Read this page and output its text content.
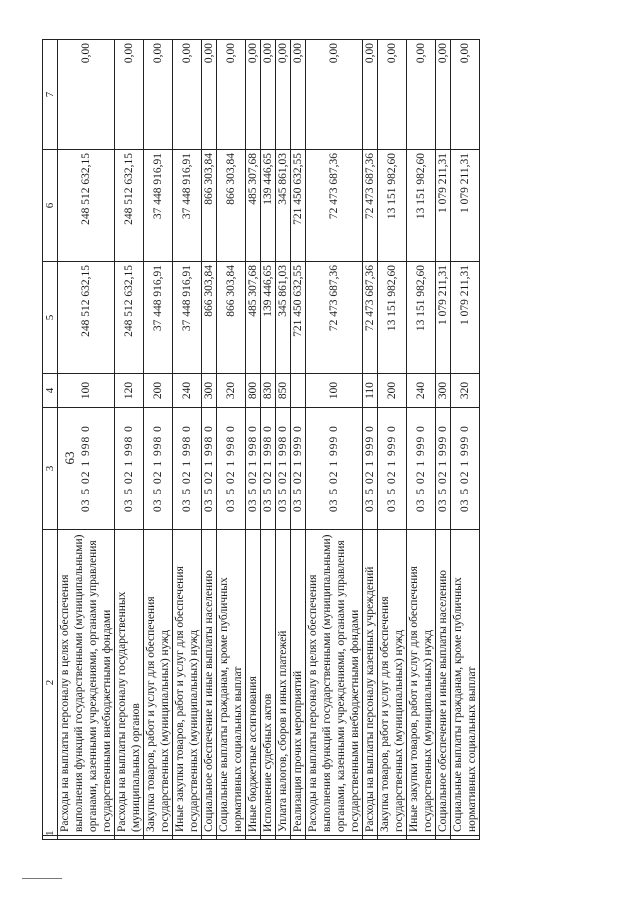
63
1	2	3	4	5	6	7
	Расходы на выплаты персоналу в целях обеспечения выполнения функций государственными (муниципальными) органами, казенными учреждениями, органами управления государственными внебюджетными фондами	03 5 02 1 998 0	100	248 512 632,15	248 512 632,15	0,00
	Расходы на выплаты персоналу государственных (муниципальных) органов	03 5 02 1 998 0	120	248 512 632,15	248 512 632,15	0,00
	Закупка товаров, работ и услуг для обеспечения государственных (муниципальных) нужд	03 5 02 1 998 0	200	37 448 916,91	37 448 916,91	0,00
	Иные закупки товаров, работ и услуг для обеспечения государственных (муниципальных) нужд	03 5 02 1 998 0	240	37 448 916,91	37 448 916,91	0,00
	Социальное обеспечение и иные выплаты населению	03 5 02 1 998 0	300	866 303,84	866 303,84	0,00
	Социальные выплаты гражданам, кроме публичных нормативных социальных выплат	03 5 02 1 998 0	320	866 303,84	866 303,84	0,00
	Иные бюджетные ассигнования	03 5 02 1 998 0	800	485 307,68	485 307,68	0,00
	Исполнение судебных актов	03 5 02 1 998 0	830	139 446,65	139 446,65	0,00
	Уплата налогов, сборов и иных платежей	03 5 02 1 998 0	850	345 861,03	345 861,03	0,00
	Реализация прочих мероприятий	03 5 02 1 999 0		721 450 632,55	721 450 632,55	0,00
	Расходы на выплаты персоналу в целях обеспечения выполнения функций государственными (муниципальными) органами, казенными учреждениями, органами управления государственными внебюджетными фондами	03 5 02 1 999 0	100	72 473 687,36	72 473 687,36	0,00
	Расходы на выплаты персоналу казенных учреждений	03 5 02 1 999 0	110	72 473 687,36	72 473 687,36	0,00
	Закупка товаров, работ и услуг для обеспечения государственных (муниципальных) нужд	03 5 02 1 999 0	200	13 151 982,60	13 151 982,60	0,00
	Иные закупки товаров, работ и услуг для обеспечения государственных (муниципальных) нужд	03 5 02 1 999 0	240	13 151 982,60	13 151 982,60	0,00
	Социальное обеспечение и иные выплаты населению	03 5 02 1 999 0	300	1 079 211,31	1 079 211,31	0,00
	Социальные выплаты гражданам, кроме публичных нормативных социальных выплат	03 5 02 1 999 0	320	1 079 211,31	1 079 211,31	0,00
